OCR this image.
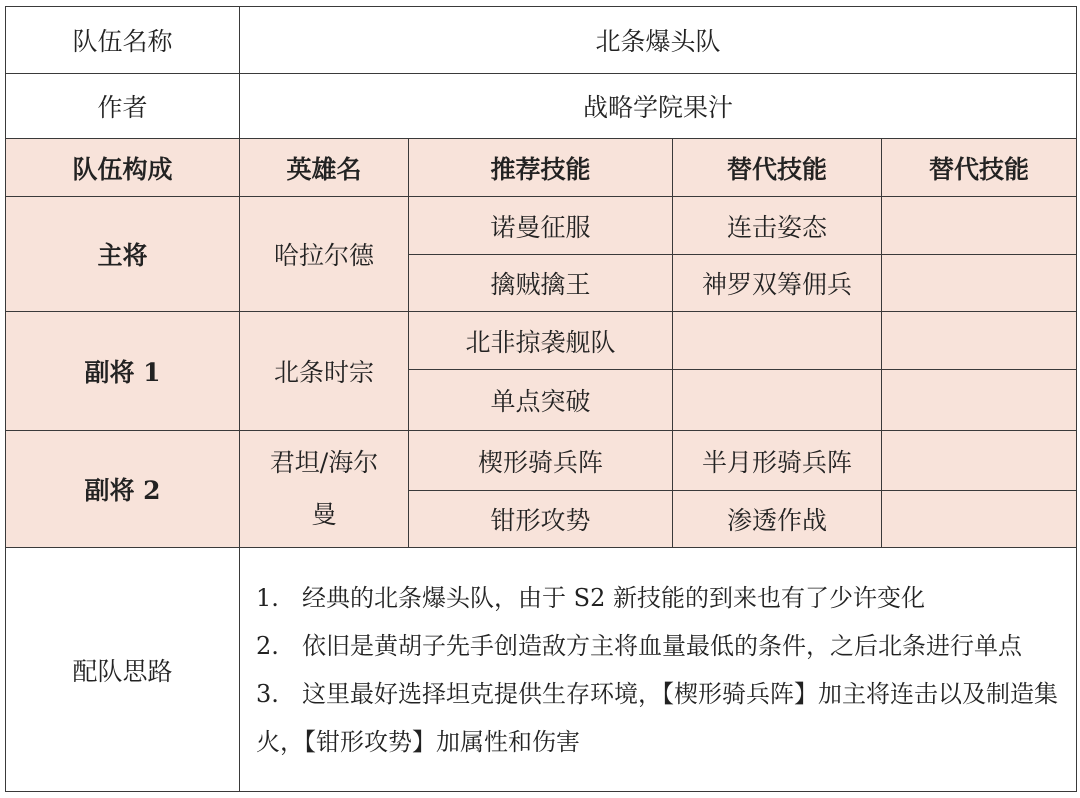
队伍名称	北条爆头队			
作者	战略学院果汁			
队伍构成	英雄名	推荐技能	替代技能	替代技能
主将	哈拉尔德	诺曼征服	连击姿态	
		擒贼擒王	神罗双筹佣兵	
副将 1	北条时宗	北非掠袭舰队		
		单点突破		
副将 2	君坦/海尔曼	楔形骑兵阵	半月形骑兵阵	
		钳形攻势	渗透作战	
配队思路	1. 经典的北条爆头队，由于 S2 新技能的到来也有了少许变化
2. 依旧是黄胡子先手创造敌方主将血量最低的条件，之后北条进行单点
3. 这里最好选择坦克提供生存环境，【楔形骑兵阵】加主将连击以及制造集火，【钳形攻势】加属性和伤害			
